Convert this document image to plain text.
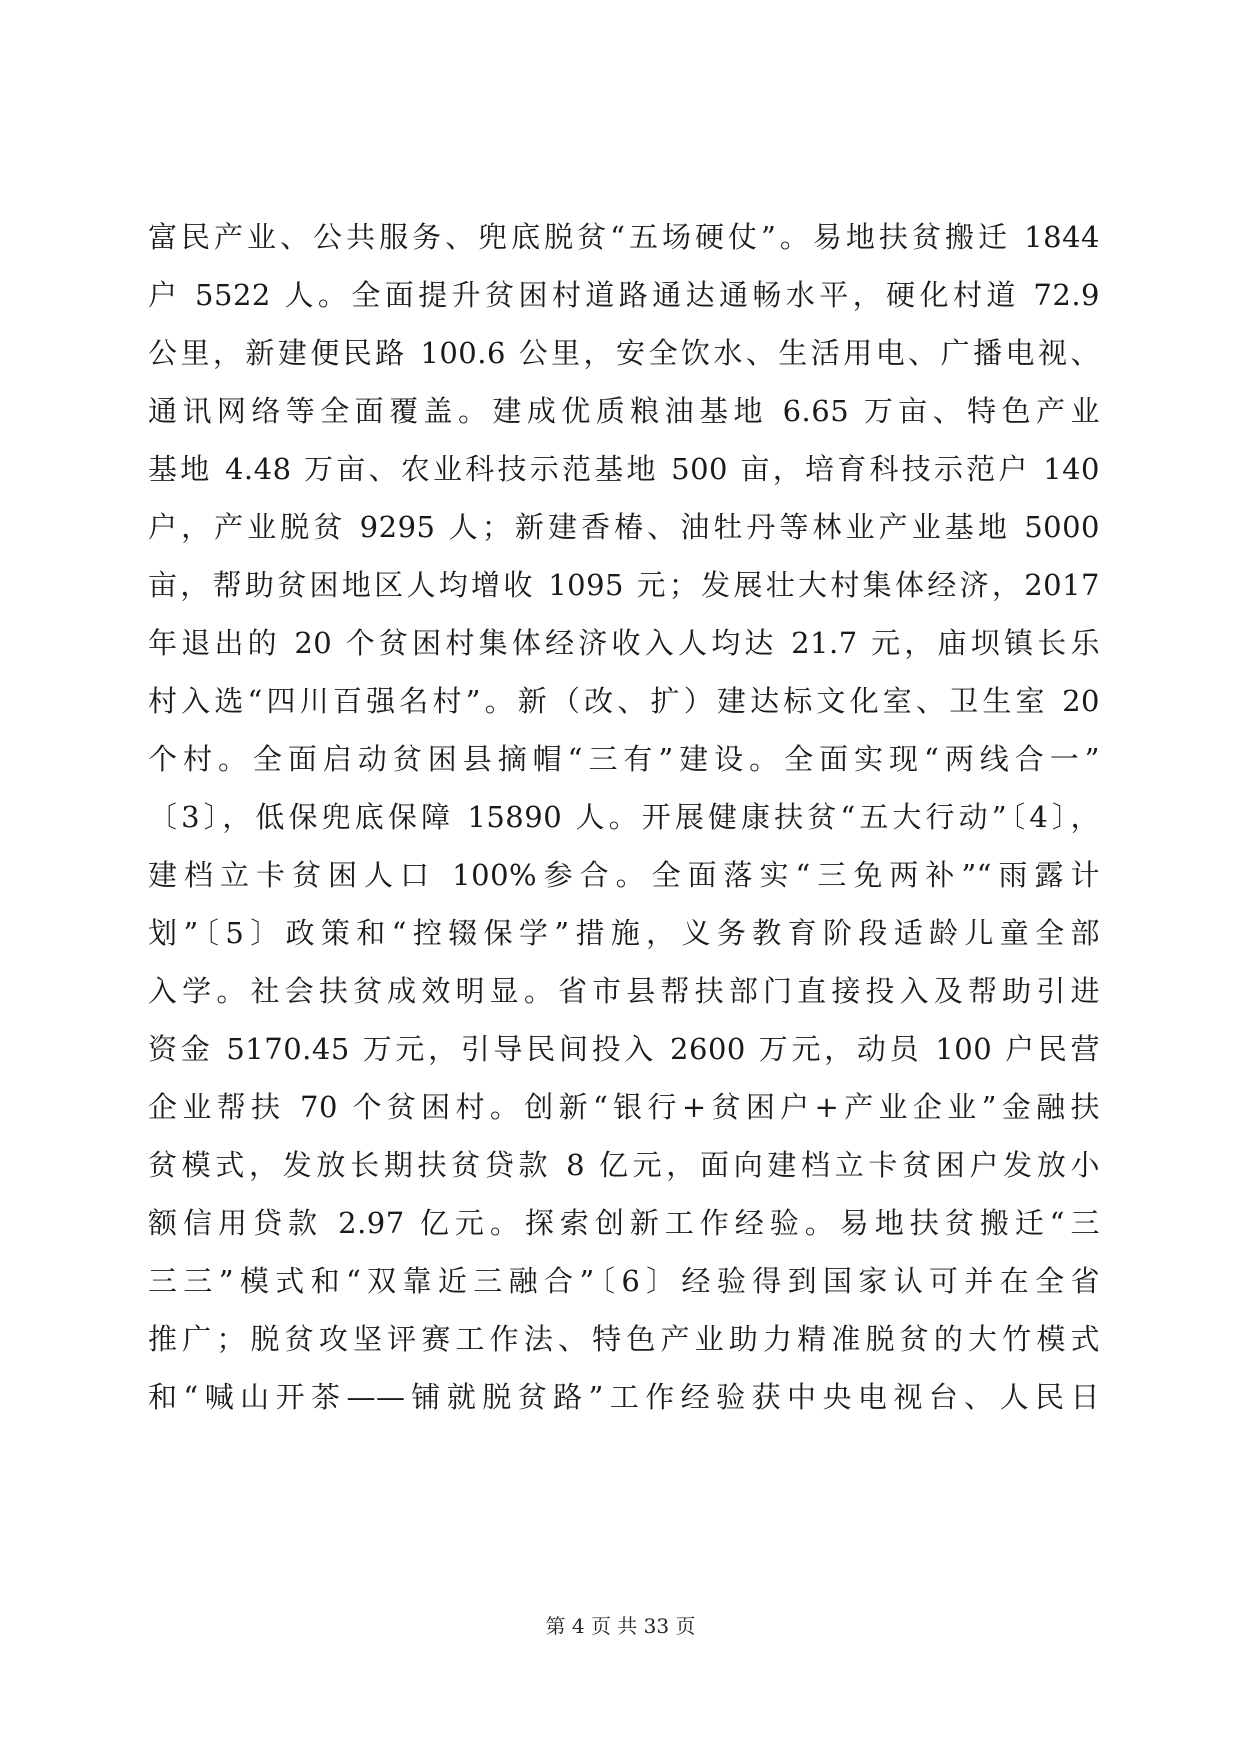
富民产业、公共服务、兜底脱贫“五场硬仗”。易地扶贫搬迁 1844
户 5522 人。全面提升贫困村道路通达通畅水平，硬化村道 72.9
公里，新建便民路 100.6 公里，安全饮水、生活用电、广播电视、
通讯网络等全面覆盖。建成优质粮油基地 6.65 万亩、特色产业
基地 4.48 万亩、农业科技示范基地 500 亩，培育科技示范户 140
户，产业脱贫 9295 人；新建香椿、油牡丹等林业产业基地 5000
亩，帮助贫困地区人均增收 1095 元；发展壮大村集体经济，2017
年退出的 20 个贫困村集体经济收入人均达 21.7 元，庙坝镇长乐
村入选“四川百强名村”。新（改、扩）建达标文化室、卫生室 20
个村。全面启动贫困县摘帽“三有”建设。全面实现“两线合一”
〔3〕，低保兜底保障 15890 人。开展健康扶贫“五大行动”〔4〕，
建档立卡贫困人口 100%参合。全面落实“三免两补”“雨露计
划”〔5〕政策和“控辍保学”措施，义务教育阶段适龄儿童全部
入学。社会扶贫成效明显。省市县帮扶部门直接投入及帮助引进
资金 5170.45 万元，引导民间投入 2600 万元，动员 100 户民营
企业帮扶 70 个贫困村。创新“银行+贫困户+产业企业”金融扶
贫模式，发放长期扶贫贷款 8 亿元，面向建档立卡贫困户发放小
额信用贷款 2.97 亿元。探索创新工作经验。易地扶贫搬迁“三
三三”模式和“双靠近三融合”〔6〕经验得到国家认可并在全省
推广；脱贫攻坚评赛工作法、特色产业助力精准脱贫的大竹模式
和“喊山开茶——铺就脱贫路”工作经验获中央电视台、人民日
第 4 页 共 33 页
